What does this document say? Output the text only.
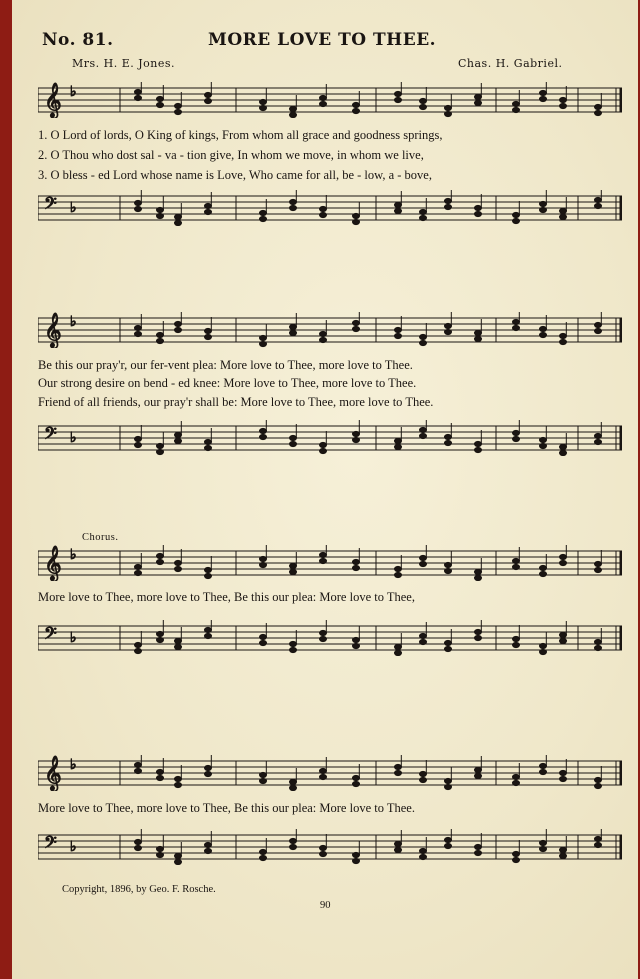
No. 81.	MORE LOVE TO THEE.
Mrs. H. E. Jones.	Chas. H. Gabriel.
𝄞 ♭
1. O Lord of lords, O King of kings, From whom all grace and goodness springs,
2. O Thou who dost sal - va - tion give, In whom we move, in whom we live,
3. O bless - ed Lord whose name is Love, Who came for all, be - low, a - bove,
𝄢 ♭
𝄞 ♭
Be this our pray'r, our fer-vent plea: More love to Thee, more love to Thee.
Our strong desire on bend - ed knee: More love to Thee, more love to Thee.
Friend of all friends, our pray'r shall be: More love to Thee, more love to Thee.
𝄢 ♭
Chorus.
𝄞 ♭
More love to Thee, more love to Thee, Be this our plea: More love to Thee,
𝄢 ♭
𝄞 ♭
More love to Thee, more love to Thee, Be this our plea: More love to Thee.
𝄢 ♭
Copyright, 1896, by Geo. F. Rosche.
90
